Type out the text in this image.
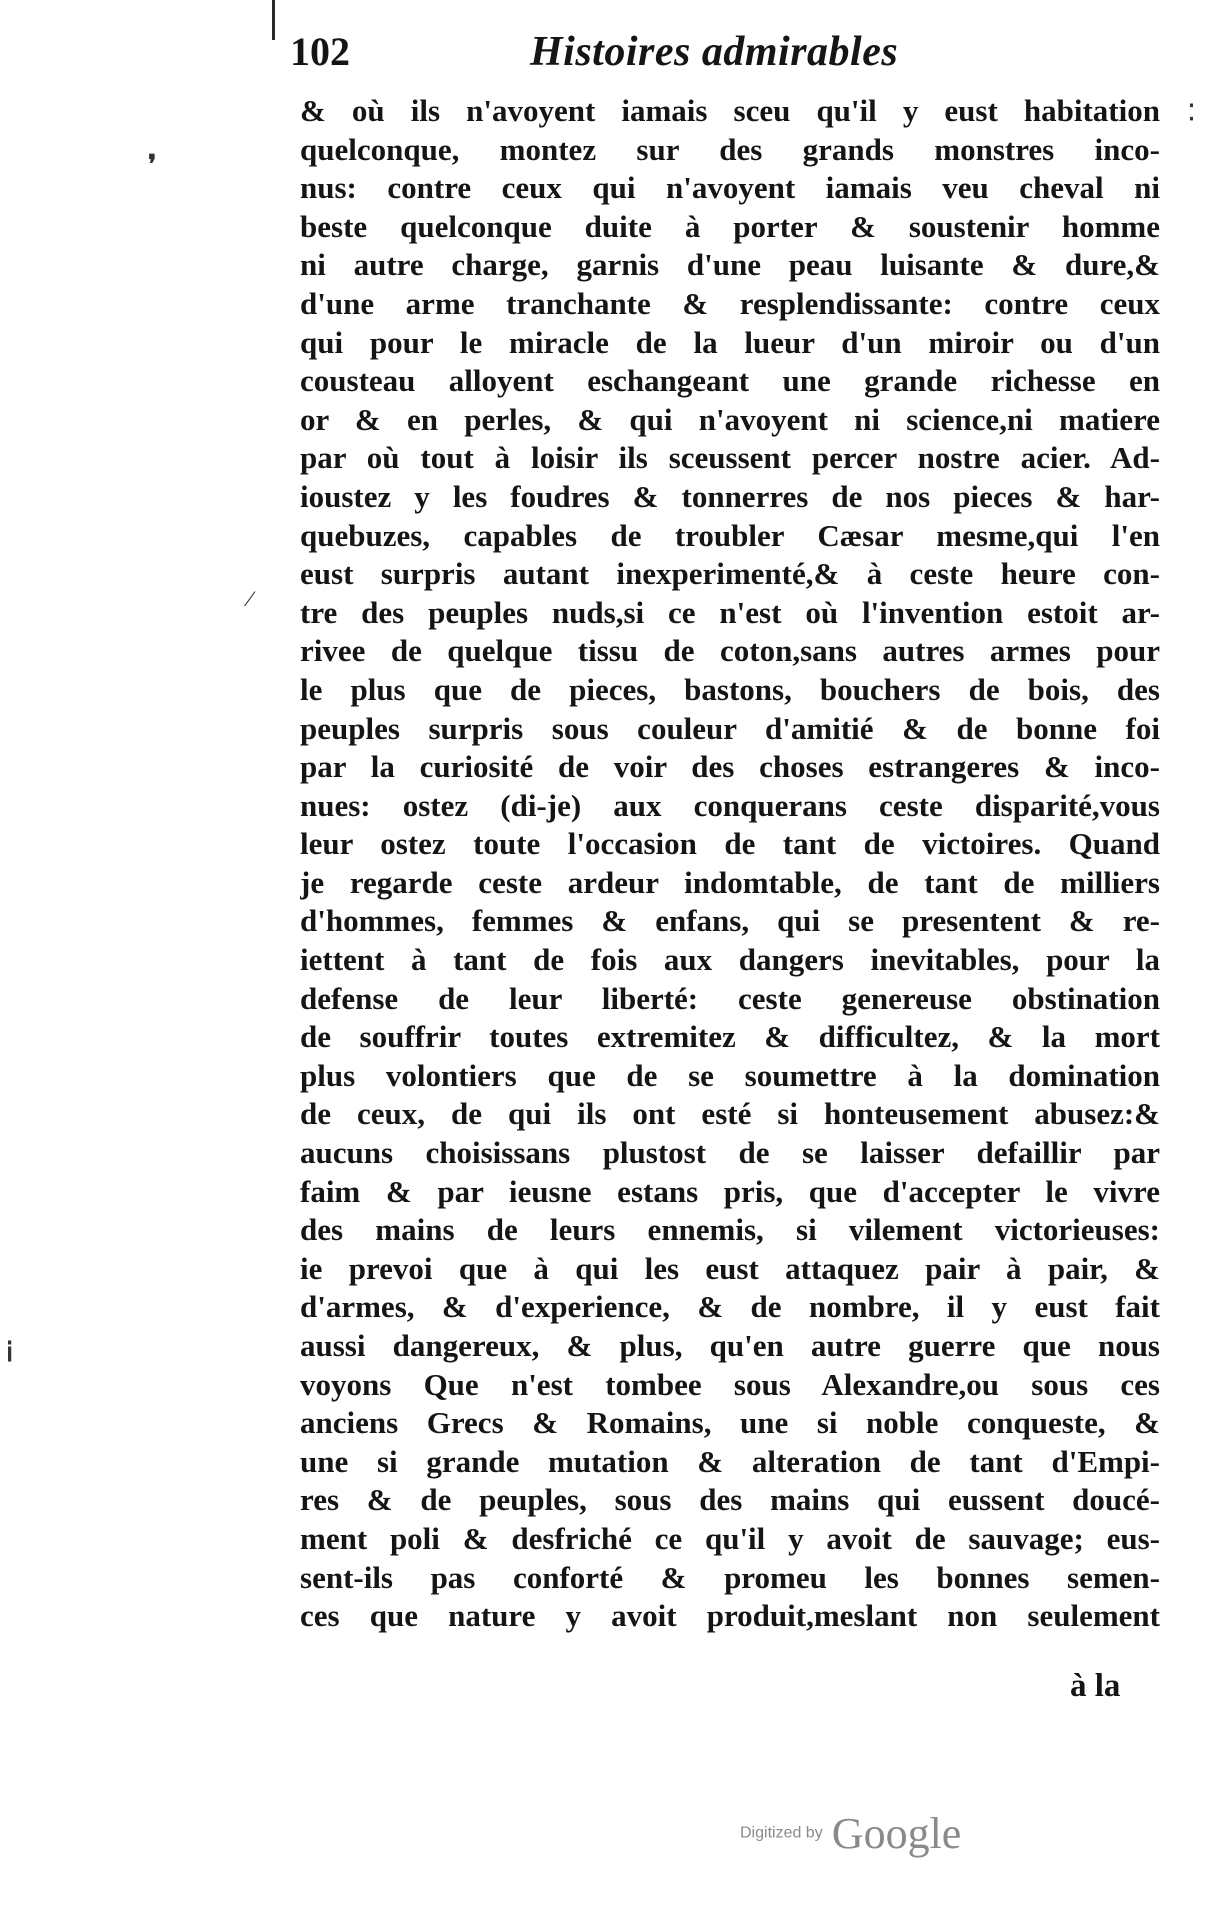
102	Histoires admirables
❜
⁄
⁚
ⅰ
& où ils n'avoyent iamais sceu qu'il y eust habitation
quelconque, montez sur des grands monstres inco-
nus: contre ceux qui n'avoyent iamais veu cheval ni
beste quelconque duite à porter & soustenir homme
ni autre charge, garnis d'une peau luisante & dure,&
d'une arme tranchante & resplendissante: contre ceux
qui pour le miracle de la lueur d'un miroir ou d'un
cousteau alloyent eschangeant une grande richesse en
or & en perles, & qui n'avoyent ni science,ni matiere
par où tout à loisir ils sceussent percer nostre acier. Ad-
ioustez y les foudres & tonnerres de nos pieces & har-
quebuzes, capables de troubler Cæsar mesme,qui l'en
eust surpris autant inexperimenté,& à ceste heure con-
tre des peuples nuds,si ce n'est où l'invention estoit ar-
rivee de quelque tissu de coton,sans autres armes pour
le plus que de pieces, bastons, bouchers de bois, des
peuples surpris sous couleur d'amitié & de bonne foi
par la curiosité de voir des choses estrangeres & inco-
nues: ostez (di-je) aux conquerans ceste disparité,vous
leur ostez toute l'occasion de tant de victoires. Quand
je regarde ceste ardeur indomtable, de tant de milliers
d'hommes, femmes & enfans, qui se presentent & re-
iettent à tant de fois aux dangers inevitables, pour la
defense de leur liberté: ceste genereuse obstination
de souffrir toutes extremitez & difficultez, & la mort
plus volontiers que de se soumettre à la domination
de ceux, de qui ils ont esté si honteusement abusez:&
aucuns choisissans plustost de se laisser defaillir par
faim & par ieusne estans pris, que d'accepter le vivre
des mains de leurs ennemis, si vilement victorieuses:
ie prevoi que à qui les eust attaquez pair à pair, &
d'armes, & d'experience, & de nombre, il y eust fait
aussi dangereux, & plus, qu'en autre guerre que nous
voyons Que n'est tombee sous Alexandre,ou sous ces
anciens Grecs & Romains, une si noble conqueste, &
une si grande mutation & alteration de tant d'Empi-
res & de peuples, sous des mains qui eussent doucé-
ment poli & desfriché ce qu'il y avoit de sauvage; eus-
sent-ils pas conforté & promeu les bonnes semen-
ces que nature y avoit produit,meslant non seulement
à la
Digitized by Google
